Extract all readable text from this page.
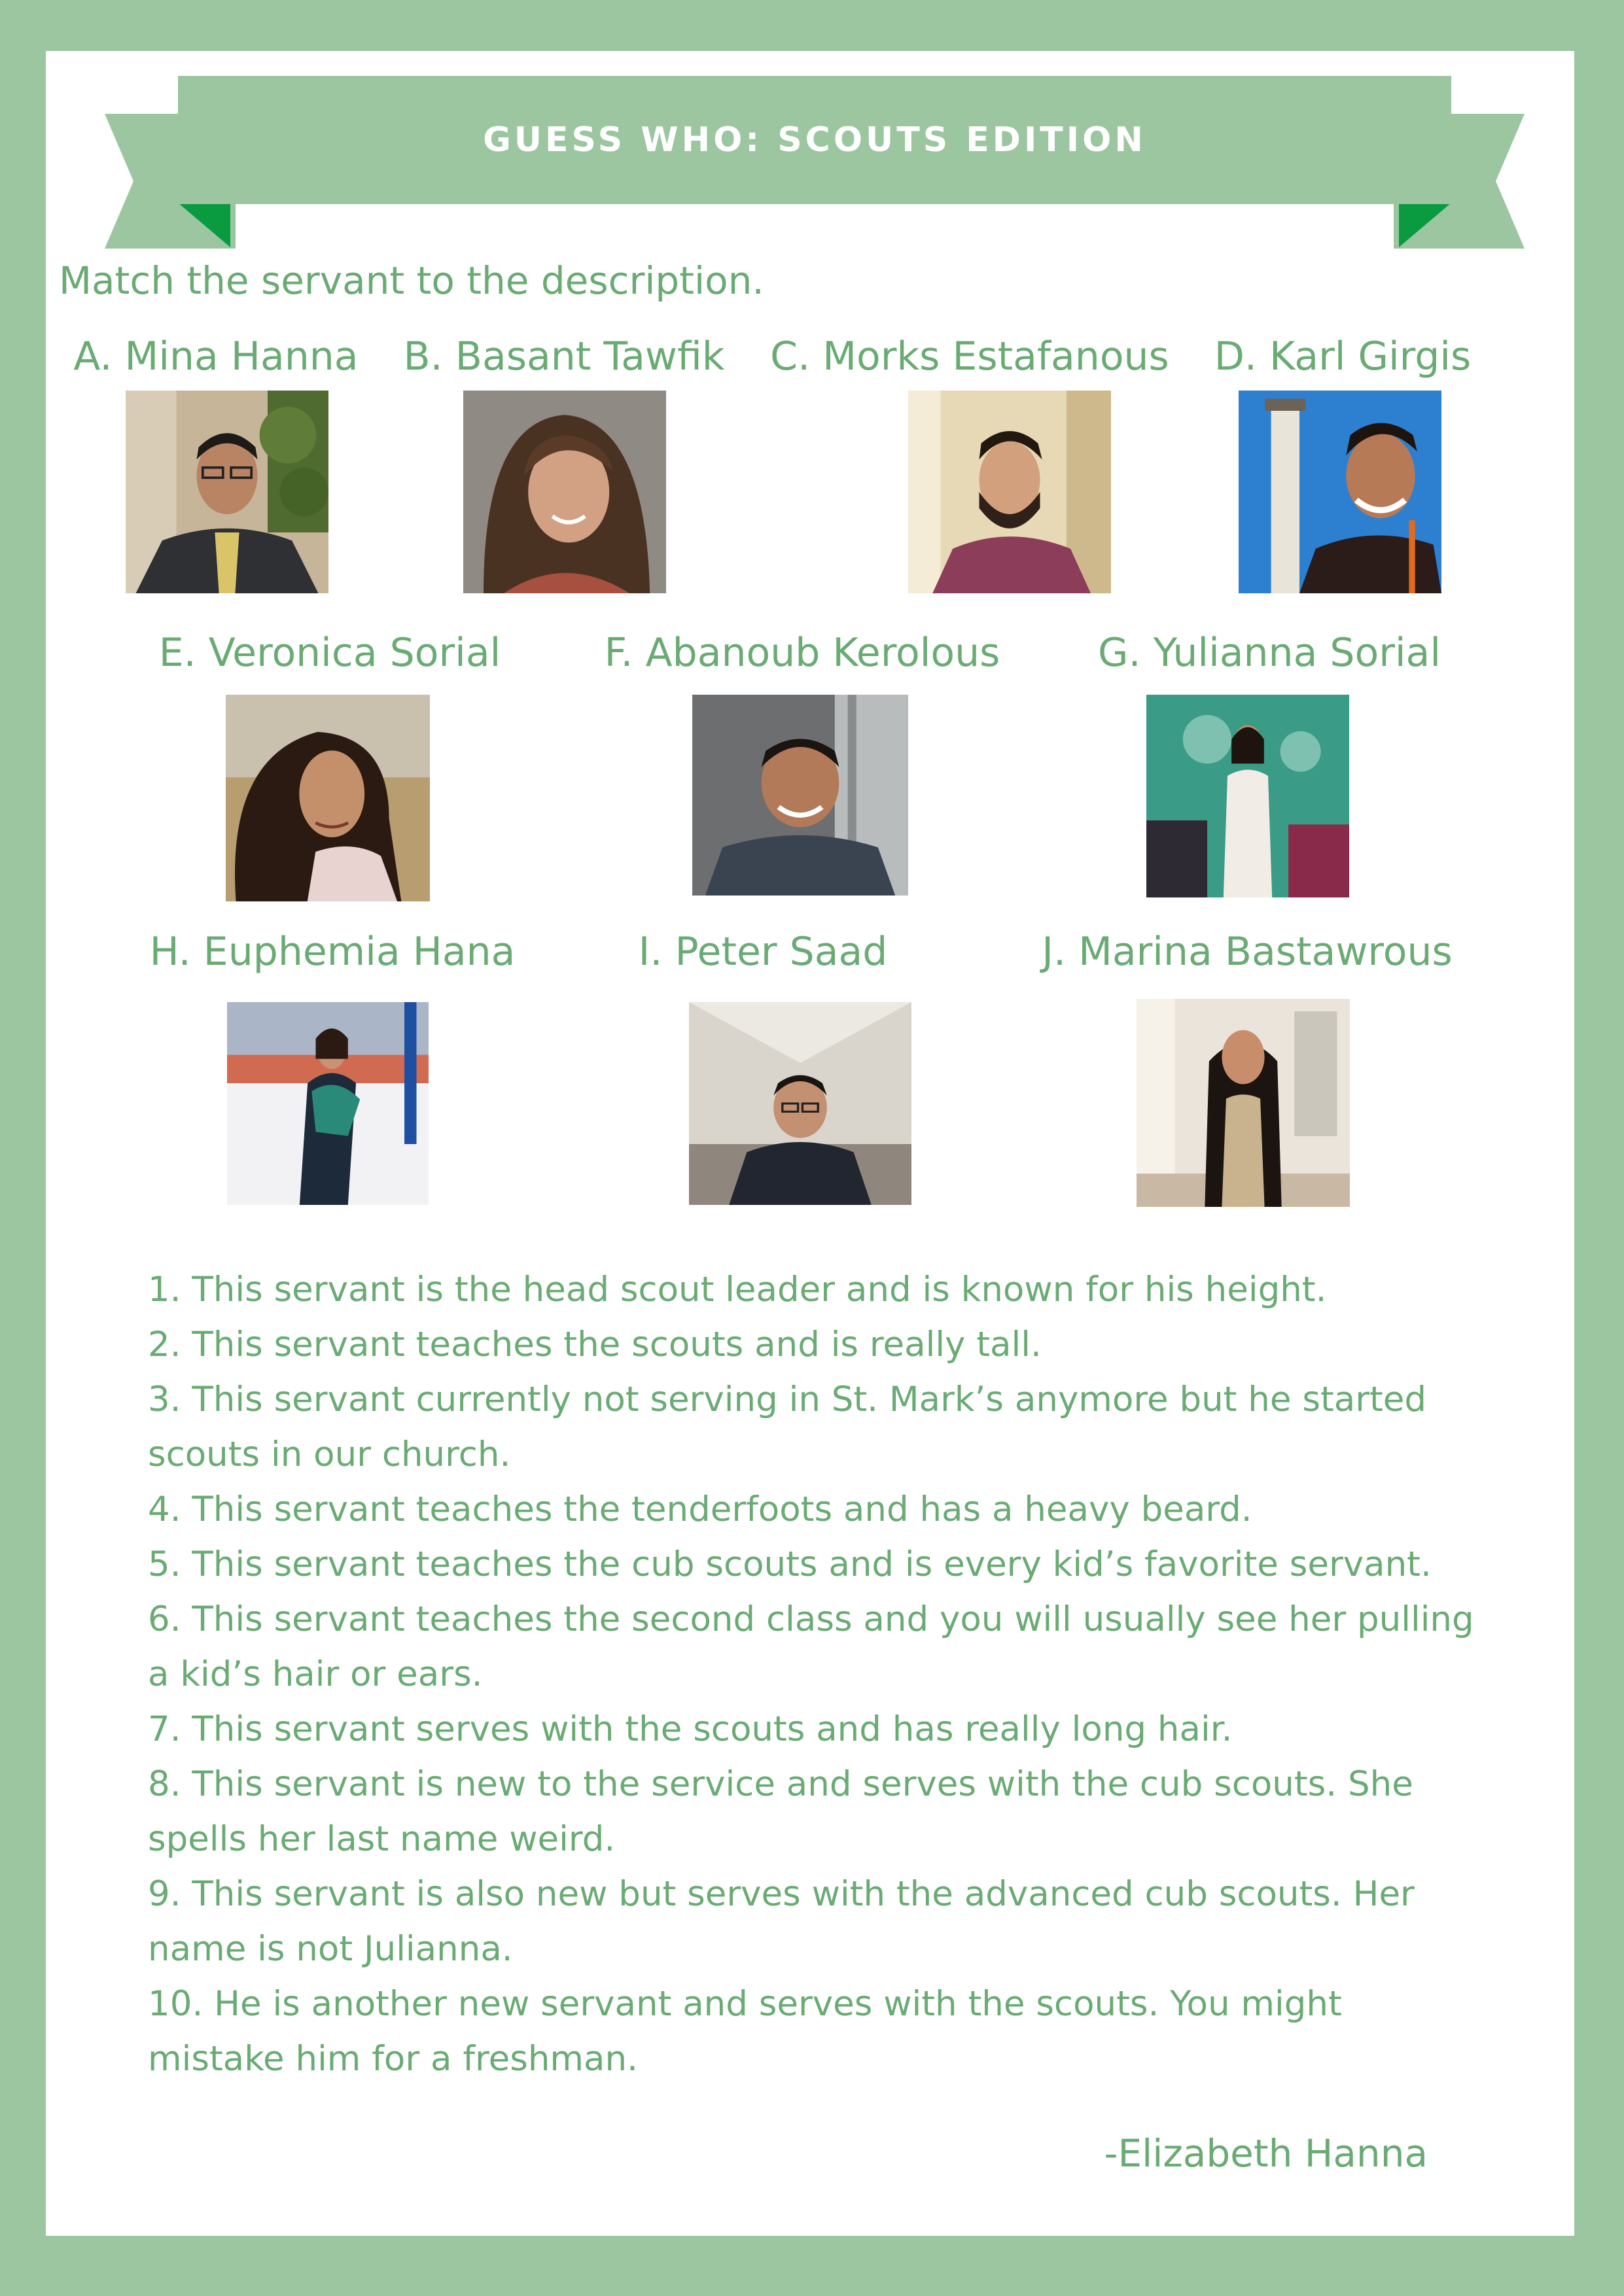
GUESS WHO: SCOUTS EDITION
Match the servant to the description.
A. Mina Hanna B. Basant Tawfik C. Morks Estafanous D. Karl Girgis
E. Veronica Sorial	F. Abanoub Kerolous G. Yulianna Sorial
H. Euphemia Hana	I. Peter Saad	J. Marina Bastawrous

1. This servant is the head scout leader and is known for his height.

2. This servant teaches the scouts and is really tall.

3. This servant currently not serving in St. Mark’s anymore but he started scouts in our church.

4. This servant teaches the tenderfoots and has a heavy beard.

5. This servant teaches the cub scouts and is every kid’s favorite servant.

6. This servant teaches the second class and you will usually see her pulling a kid’s hair or ears.

7. This servant serves with the scouts and has really long hair.

8. This servant is new to the service and serves with the cub scouts. She spells her last name weird.

9. This servant is also new but serves with the advanced cub scouts. Her name is not Julianna.

10. He is another new servant and serves with the scouts. You might mistake him for a freshman.

-Elizabeth Hanna
